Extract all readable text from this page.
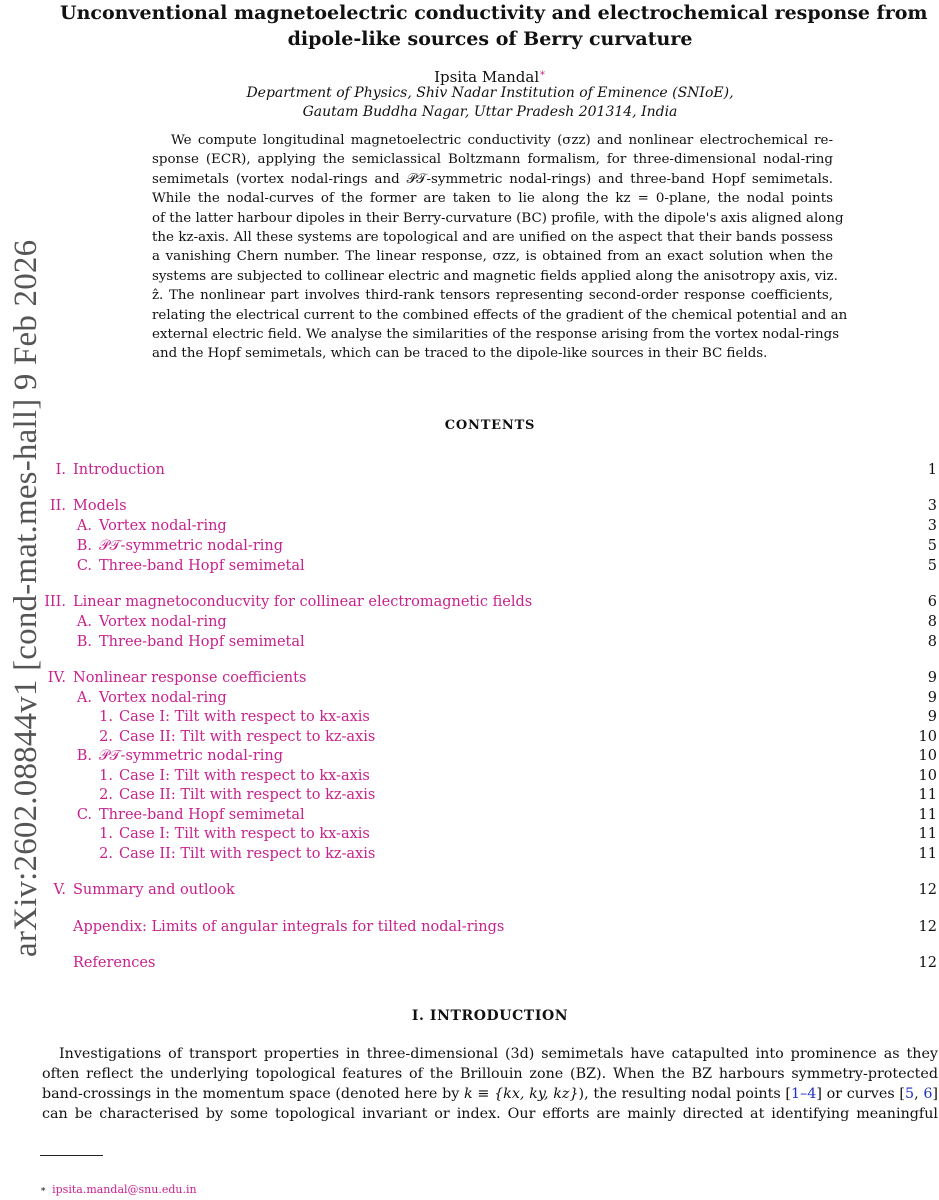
arXiv:2602.08844v1 [cond-mat.mes-hall] 9 Feb 2026
Unconventional magnetoelectric conductivity and electrochemical response from
dipole-like sources of Berry curvature
Ipsita Mandal∗
Department of Physics, Shiv Nadar Institution of Eminence (SNIoE),
Gautam Buddha Nagar, Uttar Pradesh 201314, India
We compute longitudinal magnetoelectric conductivity (σzz) and nonlinear electrochemical re-
sponse (ECR), applying the semiclassical Boltzmann formalism, for three-dimensional nodal-ring
semimetals (vortex nodal-rings and 𝒫𝒯-symmetric nodal-rings) and three-band Hopf semimetals.
While the nodal-curves of the former are taken to lie along the kz = 0-plane, the nodal points
of the latter harbour dipoles in their Berry-curvature (BC) profile, with the dipole's axis aligned along
the kz-axis. All these systems are topological and are unified on the aspect that their bands possess
a vanishing Chern number. The linear response, σzz, is obtained from an exact solution when the
systems are subjected to collinear electric and magnetic fields applied along the anisotropy axis, viz.
ẑ. The nonlinear part involves third-rank tensors representing second-order response coefficients,
relating the electrical current to the combined effects of the gradient of the chemical potential and an
external electric field. We analyse the similarities of the response arising from the vortex nodal-rings
and the Hopf semimetals, which can be traced to the dipole-like sources in their BC fields.
CONTENTS
I. Introduction	1
II. Models	3
A. Vortex nodal-ring	3
B. 𝒫𝒯-symmetric nodal-ring	5
C. Three-band Hopf semimetal	5
III. Linear magnetoconducvity for collinear electromagnetic fields	6
A. Vortex nodal-ring	8
B. Three-band Hopf semimetal	8
IV. Nonlinear response coefficients	9
A. Vortex nodal-ring	9
1. Case I: Tilt with respect to kx-axis	9
2. Case II: Tilt with respect to kz-axis	10
B. 𝒫𝒯-symmetric nodal-ring	10
1. Case I: Tilt with respect to kx-axis	10
2. Case II: Tilt with respect to kz-axis	11
C. Three-band Hopf semimetal	11
1. Case I: Tilt with respect to kx-axis	11
2. Case II: Tilt with respect to kz-axis	11
V. Summary and outlook	12
Appendix: Limits of angular integrals for tilted nodal-rings	12
References	12
I. INTRODUCTION
Investigations of transport properties in three-dimensional (3d) semimetals have catapulted into prominence as they
often reflect the underlying topological features of the Brillouin zone (BZ). When the BZ harbours symmetry-protected
band-crossings in the momentum space (denoted here by k ≡ {kx, ky, kz}), the resulting nodal points [1–4] or curves [5, 6]
can be characterised by some topological invariant or index. Our efforts are mainly directed at identifying meaningful
∗ ipsita.mandal@snu.edu.in
